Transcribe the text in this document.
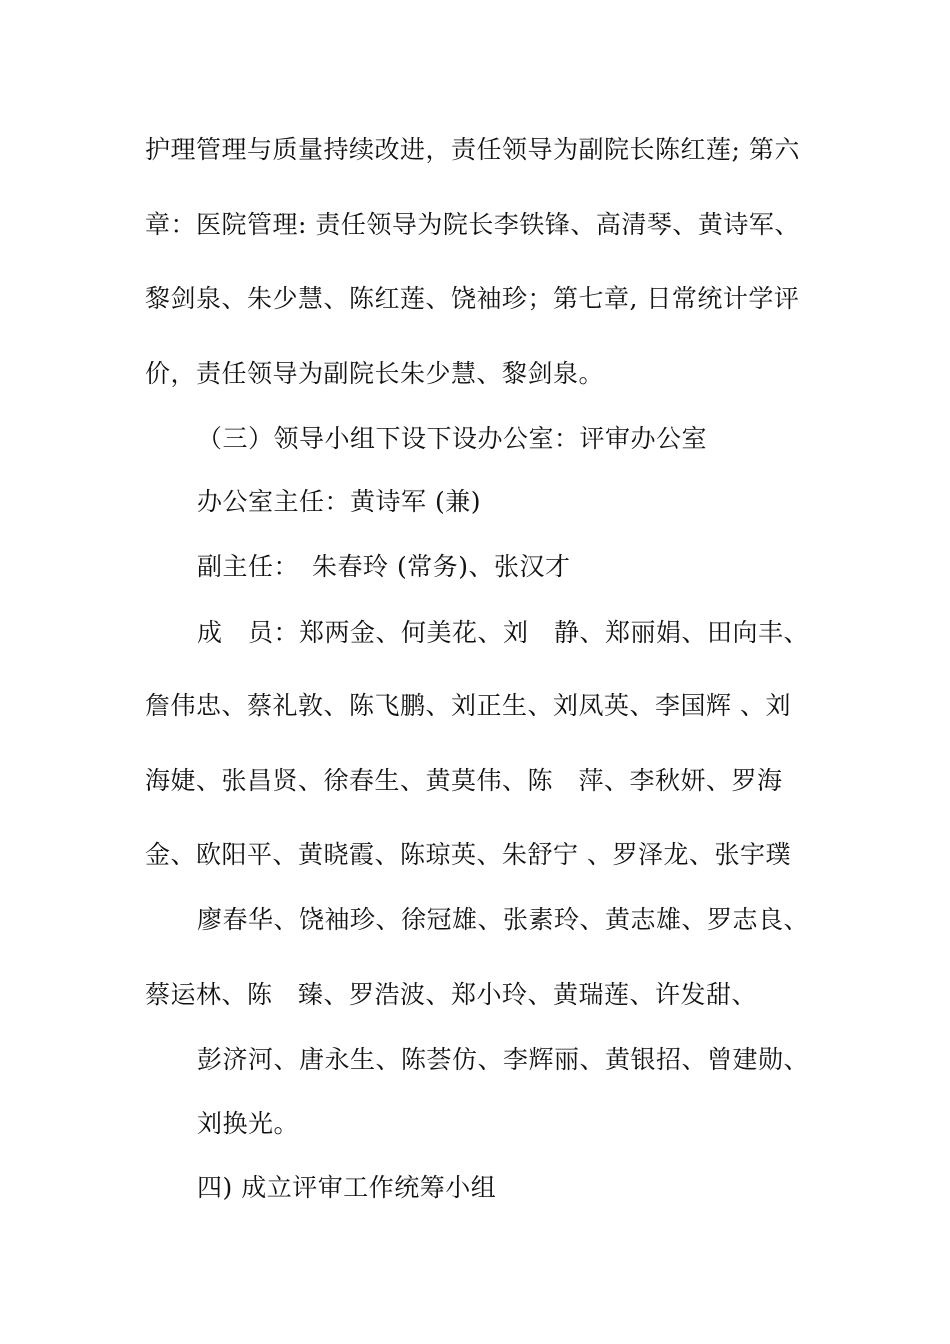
护理管理与质量持续改进，责任领导为副院长陈红莲; 第六
章：医院管理: 责任领导为院长李铁锋、高清琴、黄诗军、
黎剑泉、朱少慧、陈红莲、饶袖珍；第七章, 日常统计学评
价，责任领导为副院长朱少慧、黎剑泉。
（三）领导小组下设下设办公室：评审办公室
办公室主任：黄诗军 (兼)
副主任：　朱春玲 (常务)、张汉才
成　员：郑两金、何美花、刘　静、郑丽娟、田向丰、
詹伟忠、蔡礼敦、陈飞鹏、刘正生、刘凤英、李国辉 、刘
海婕、张昌贤、徐春生、黄莫伟、陈　萍、李秋妍、罗海
金、欧阳平、黄晓霞、陈琼英、朱舒宁 、罗泽龙、张宇璞
廖春华、饶袖珍、徐冠雄、张素玲、黄志雄、罗志良、
蔡运林、陈　臻、罗浩波、郑小玲、黄瑞莲、许发甜、
彭济河、唐永生、陈荟仿、李辉丽、黄银招、曾建勋、
刘换光。
四) 成立评审工作统筹小组
